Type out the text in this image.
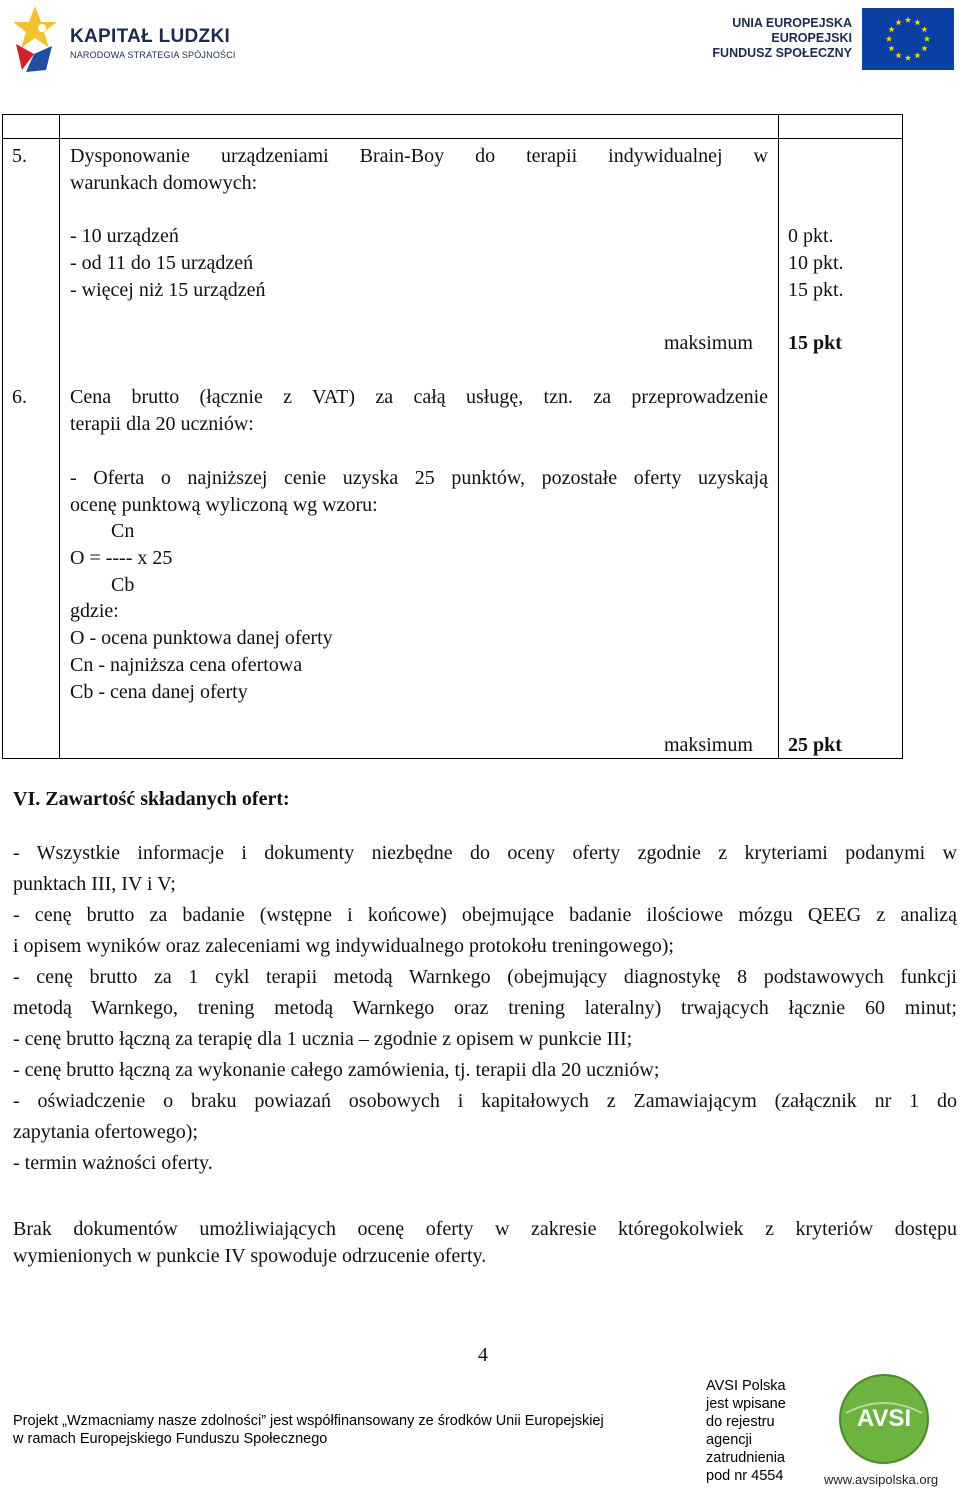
KAPITAŁ LUDZKI
NARODOWA STRATEGIA SPÓJNOŚCI
UNIA EUROPEJSKA
EUROPEJSKI
FUNDUSZ SPOŁECZNY
5. Dysponowanie urządzeniami Brain-Boy do terapii indywidualnej w
warunkach domowych:
- 10 urządzeń
- od 11 do 15 urządzeń
- więcej niż 15 urządzeń
0 pkt.
10 pkt.
15 pkt.
maksimum 15 pkt
6. Cena brutto (łącznie z VAT) za całą usługę, tzn. za przeprowadzenie
terapii dla 20 uczniów:
- Oferta o najniższej cenie uzyska 25 punktów, pozostałe oferty uzyskają
ocenę punktową wyliczoną wg wzoru:
Cn
O = ---- x 25
Cb
gdzie:
O - ocena punktowa danej oferty
Cn - najniższa cena ofertowa
Cb - cena danej oferty
maksimum 25 pkt
VI. Zawartość składanych ofert:
- Wszystkie informacje i dokumenty niezbędne do oceny oferty zgodnie z kryteriami podanymi w
punktach III, IV i V;
- cenę brutto za badanie (wstępne i końcowe) obejmujące badanie ilościowe mózgu QEEG z analizą
i opisem wyników oraz zaleceniami wg indywidualnego protokołu treningowego);
- cenę brutto za 1 cykl terapii metodą Warnkego (obejmujący diagnostykę 8 podstawowych funkcji
metodą Warnkego, trening metodą Warnkego oraz trening lateralny) trwających łącznie 60 minut;
- cenę brutto łączną za terapię dla 1 ucznia – zgodnie z opisem w punkcie III;
- cenę brutto łączną za wykonanie całego zamówienia, tj. terapii dla 20 uczniów;
- oświadczenie o braku powiazań osobowych i kapitałowych z Zamawiającym (załącznik nr 1 do
zapytania ofertowego);
- termin ważności oferty.
Brak dokumentów umożliwiających ocenę oferty w zakresie któregokolwiek z kryteriów dostępu
wymienionych w punkcie IV spowoduje odrzucenie oferty.
4
Projekt „Wzmacniamy nasze zdolności” jest współfinansowany ze środków Unii Europejskiej
w ramach Europejskiego Funduszu Społecznego
AVSI Polska
jest wpisane
do rejestru
agencji
zatrudnienia
pod nr 4554
AVSI
www.avsipolska.org
